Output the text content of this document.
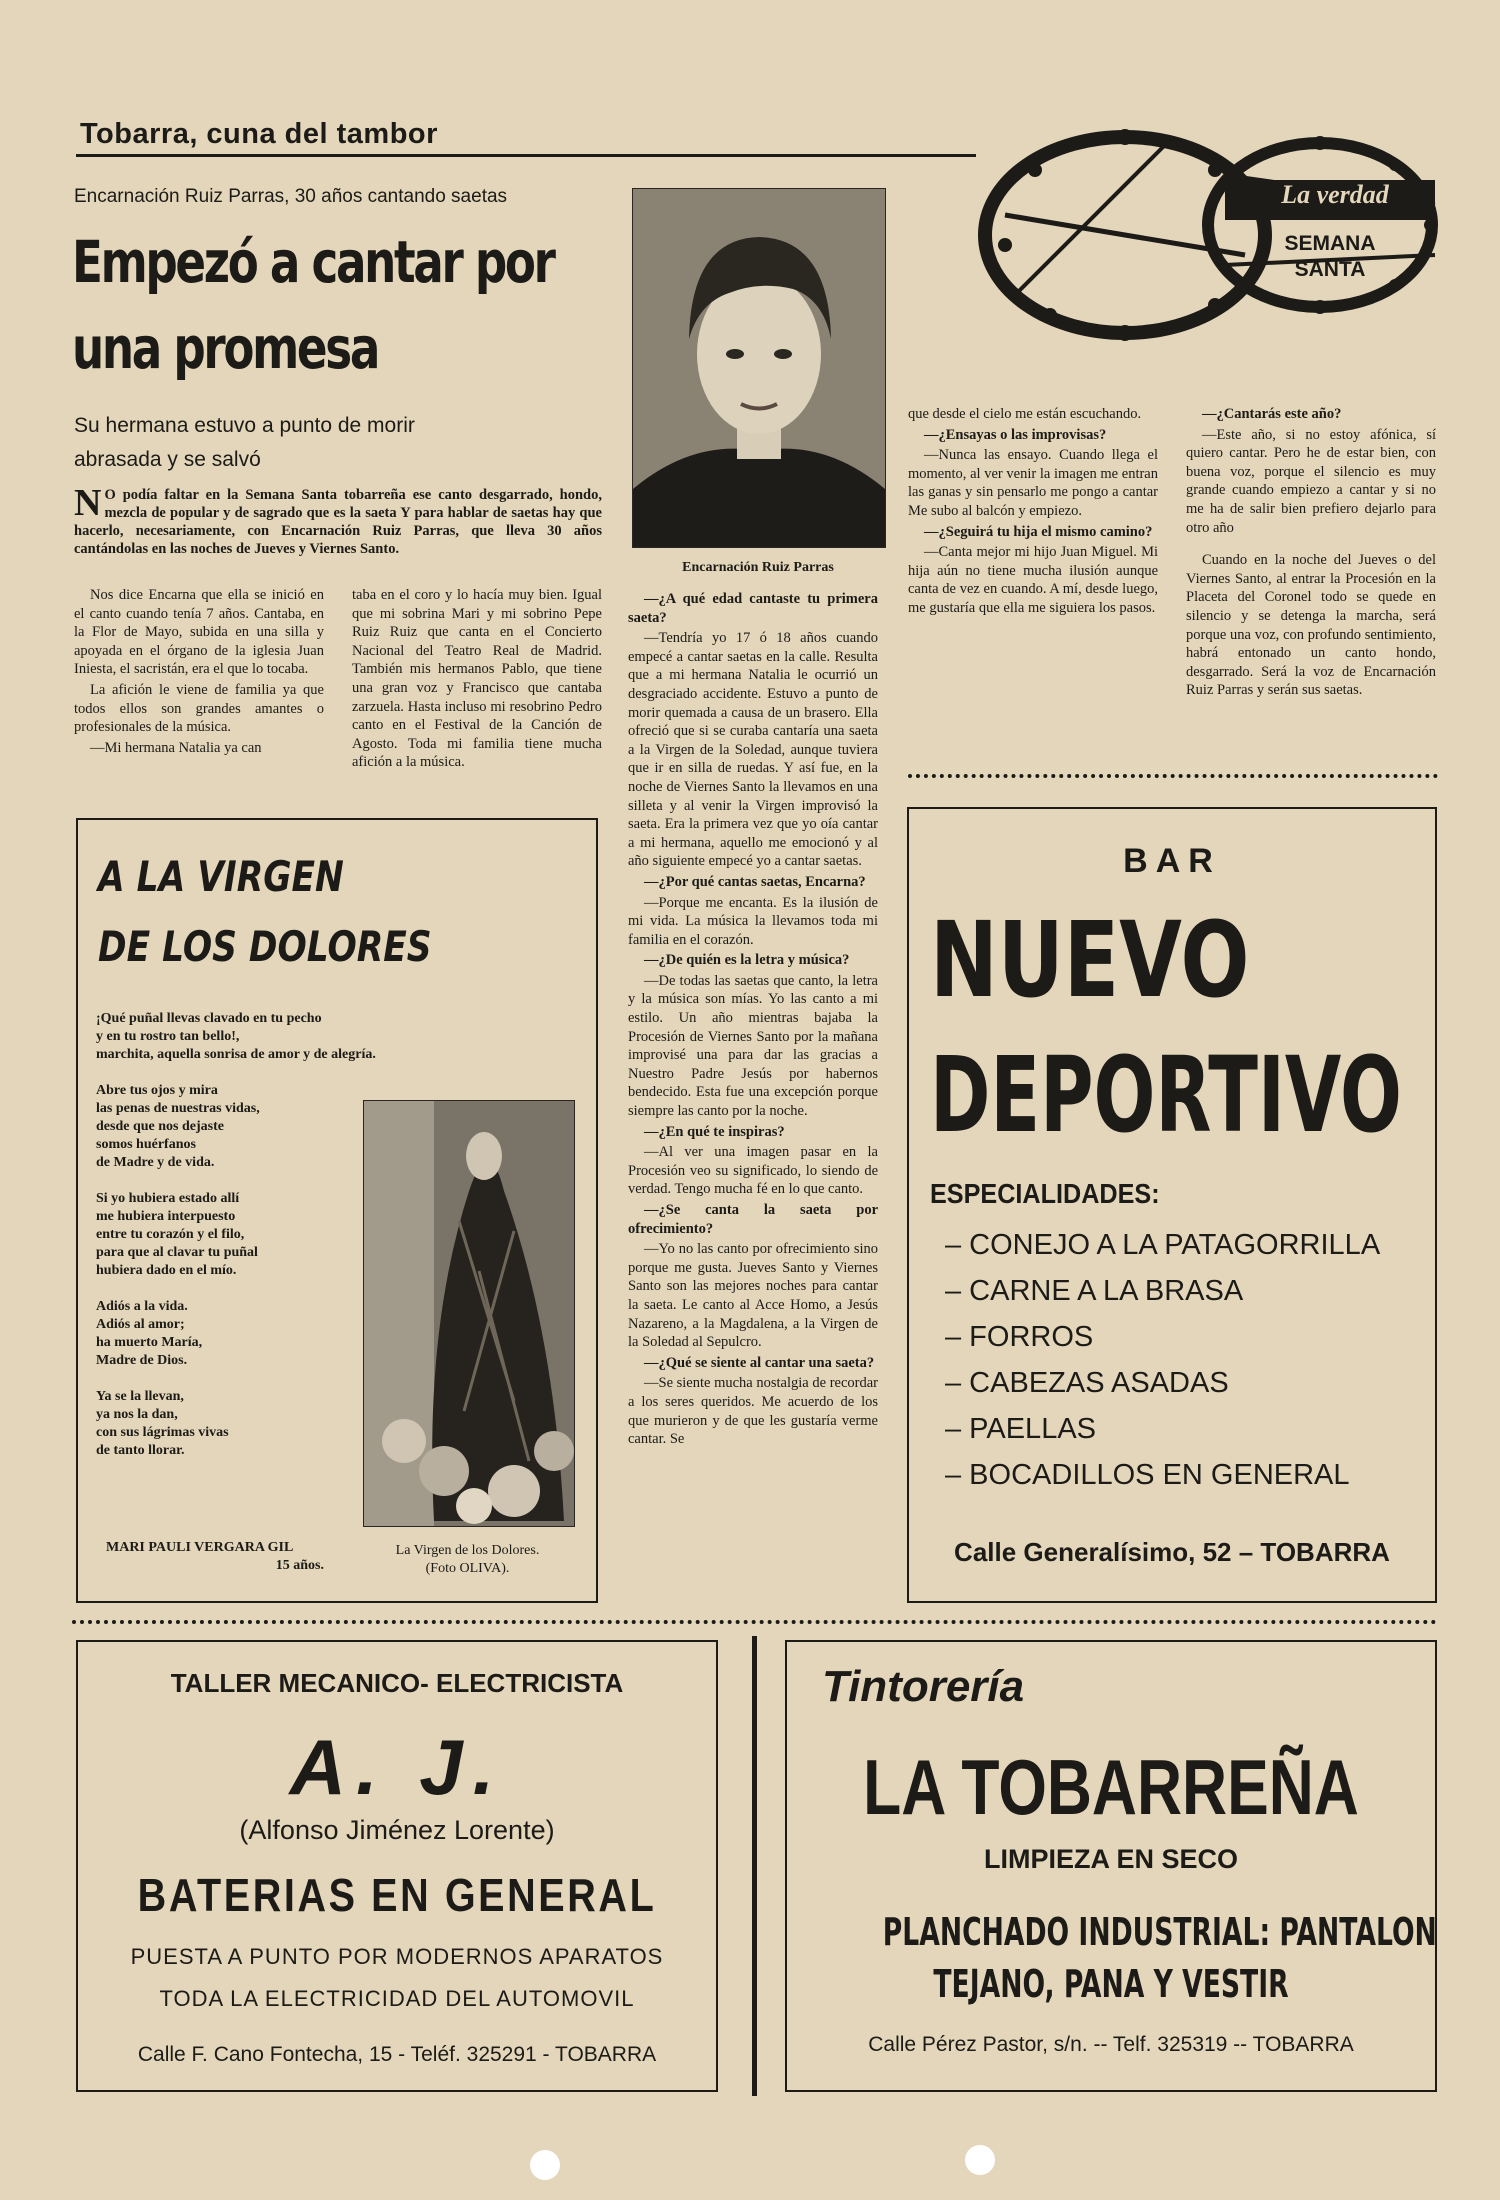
Tobarra, cuna del tambor
La verdad
SEMANA
SANTA
Encarnación Ruiz Parras, 30 años cantando saetas
Empezó a cantar por
una promesa
Su hermana estuvo a punto de morir
abrasada y se salvó
N O podía faltar en la Semana Santa tobarreña ese canto desgarrado, hondo, mezcla de popular y de sagrado que es la saeta Y para hablar de saetas hay que hacerlo, necesariamente, con Encarnación Ruiz Parras, que lleva 30 años cantándolas en las noches de Jueves y Viernes Santo.

Nos dice Encarna que ella se inició en el canto cuando tenía 7 años. Cantaba, en la Flor de Mayo, subida en una silla y apoyada en el órgano de la iglesia Juan Iniesta, el sacristán, era el que lo tocaba.

La afición le viene de familia ya que todos ellos son grandes amantes o profesionales de la música.

—Mi hermana Natalia ya can

taba en el coro y lo hacía muy bien. Igual que mi sobrina Mari y mi sobrino Pepe Ruiz Ruiz que canta en el Concierto Nacional del Teatro Real de Madrid. También mis hermanos Pablo, que tiene una gran voz y Francisco que cantaba zarzuela. Hasta incluso mi resobrino Pedro canto en el Festival de la Canción de Agosto. Toda mi familia tiene mucha afición a la música.

Encarnación Ruiz Parras

—¿A qué edad cantaste tu primera saeta?

—Tendría yo 17 ó 18 años cuando empecé a cantar saetas en la calle. Resulta que a mi hermana Natalia le ocurrió un desgraciado accidente. Estuvo a punto de morir quemada a causa de un brasero. Ella ofreció que si se curaba cantaría una saeta a la Virgen de la Soledad, aunque tuviera que ir en silla de ruedas. Y así fue, en la noche de Viernes Santo la llevamos en una silleta y al venir la Virgen improvisó la saeta. Era la primera vez que yo oía cantar a mi hermana, aquello me emocionó y al año siguiente empecé yo a cantar saetas.

—¿Por qué cantas saetas, Encarna?

—Porque me encanta. Es la ilusión de mi vida. La música la llevamos toda mi familia en el corazón.

—¿De quién es la letra y música?

—De todas las saetas que canto, la letra y la música son mías. Yo las canto a mi estilo. Un año mientras bajaba la Procesión de Viernes Santo por la mañana improvisé una para dar las gracias a Nuestro Padre Jesús por habernos bendecido. Esta fue una excepción porque siempre las canto por la noche.

—¿En qué te inspiras?

—Al ver una imagen pasar en la Procesión veo su significado, lo siendo de verdad. Tengo mucha fé en lo que canto.

—¿Se canta la saeta por ofrecimiento?

—Yo no las canto por ofrecimiento sino porque me gusta. Jueves Santo y Viernes Santo son las mejores noches para cantar la saeta. Le canto al Acce Homo, a Jesús Nazareno, a la Magdalena, a la Virgen de la Soledad al Sepulcro.

—¿Qué se siente al cantar una saeta?

—Se siente mucha nostalgia de recordar a los seres queridos. Me acuerdo de los que murieron y de que les gustaría verme cantar. Se

que desde el cielo me están escuchando.

—¿Ensayas o las improvisas?

—Nunca las ensayo. Cuando llega el momento, al ver venir la imagen me entran las ganas y sin pensarlo me pongo a cantar Me subo al balcón y empiezo.

—¿Seguirá tu hija el mismo camino?

—Canta mejor mi hijo Juan Miguel. Mi hija aún no tiene mucha ilusión aunque canta de vez en cuando. A mí, desde luego, me gustaría que ella me siguiera los pasos.

—¿Cantarás este año?

—Este año, si no estoy afónica, sí quiero cantar. Pero he de estar bien, con buena voz, porque el silencio es muy grande cuando empiezo a cantar y si no me ha de salir bien prefiero dejarlo para otro año

Cuando en la noche del Jueves o del Viernes Santo, al entrar la Procesión en la Placeta del Coronel todo se quede en silencio y se detenga la marcha, será porque una voz, con profundo sentimiento, habrá entonado un canto hondo, desgarrado. Será la voz de Encarnación Ruiz Parras y serán sus saetas.

A LA VIRGEN
DE LOS DOLORES
¡Qué puñal llevas clavado en tu pecho
y en tu rostro tan bello!,
marchita, aquella sonrisa de amor y de alegría.
Abre tus ojos y mira
las penas de nuestras vidas,
desde que nos dejaste
somos huérfanos
de Madre y de vida.
Si yo hubiera estado allí
me hubiera interpuesto
entre tu corazón y el filo,
para que al clavar tu puñal
hubiera dado en el mío.
Adiós a la vida.
Adiós al amor;
ha muerto María,
Madre de Dios.
Ya se la llevan,
ya nos la dan,
con sus lágrimas vivas
de tanto llorar.
MARI PAULI VERGARA GIL
15 años.
La Virgen de los Dolores.
(Foto OLIVA).
BAR
NUEVO
DEPORTIVO
ESPECIALIDADES:
– CONEJO A LA PATAGORRILLA
– CARNE A LA BRASA
– FORROS
– CABEZAS ASADAS
– PAELLAS
– BOCADILLOS EN GENERAL
Calle Generalísimo, 52 – TOBARRA
TALLER MECANICO- ELECTRICISTA
A. J.
(Alfonso Jiménez Lorente)
BATERIAS EN GENERAL
PUESTA A PUNTO POR MODERNOS APARATOS
TODA LA ELECTRICIDAD DEL AUTOMOVIL
Calle F. Cano Fontecha, 15 - Teléf. 325291 - TOBARRA
Tintorería
LA TOBARREÑA
LIMPIEZA EN SECO
PLANCHADO INDUSTRIAL: PANTALON
TEJANO, PANA Y VESTIR
Calle Pérez Pastor, s/n. -- Telf. 325319 -- TOBARRA
